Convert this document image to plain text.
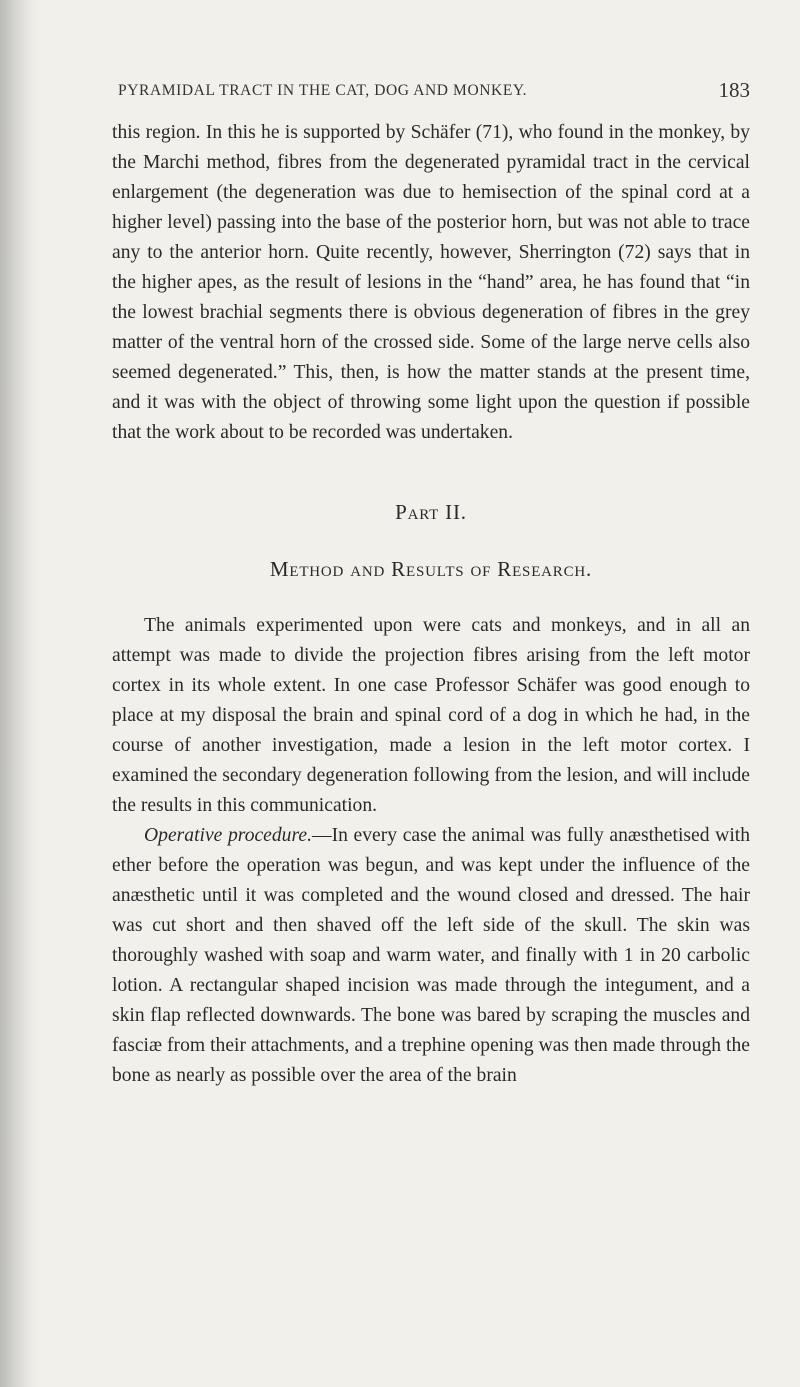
PYRAMIDAL TRACT IN THE CAT, DOG AND MONKEY.	183

this region. In this he is supported by Schäfer (71), who found in the monkey, by the Marchi method, fibres from the degenerated pyramidal tract in the cervical enlargement (the degeneration was due to hemisection of the spinal cord at a higher level) passing into the base of the posterior horn, but was not able to trace any to the anterior horn. Quite recently, however, Sherrington (72) says that in the higher apes, as the result of lesions in the “hand” area, he has found that “in the lowest brachial segments there is obvious degeneration of fibres in the grey matter of the ventral horn of the crossed side. Some of the large nerve cells also seemed degenerated.” This, then, is how the matter stands at the present time, and it was with the object of throwing some light upon the question if possible that the work about to be recorded was undertaken.

Part II.
Method and Results of Research.

The animals experimented upon were cats and monkeys, and in all an attempt was made to divide the projection fibres arising from the left motor cortex in its whole extent. In one case Professor Schäfer was good enough to place at my disposal the brain and spinal cord of a dog in which he had, in the course of another investigation, made a lesion in the left motor cortex. I examined the secondary degeneration following from the lesion, and will include the results in this communication.

Operative procedure.—In every case the animal was fully anæsthetised with ether before the operation was begun, and was kept under the influence of the anæsthetic until it was completed and the wound closed and dressed. The hair was cut short and then shaved off the left side of the skull. The skin was thoroughly washed with soap and warm water, and finally with 1 in 20 carbolic lotion. A rectangular shaped incision was made through the integument, and a skin flap reflected downwards. The bone was bared by scraping the muscles and fasciæ from their attachments, and a trephine opening was then made through the bone as nearly as possible over the area of the brain
